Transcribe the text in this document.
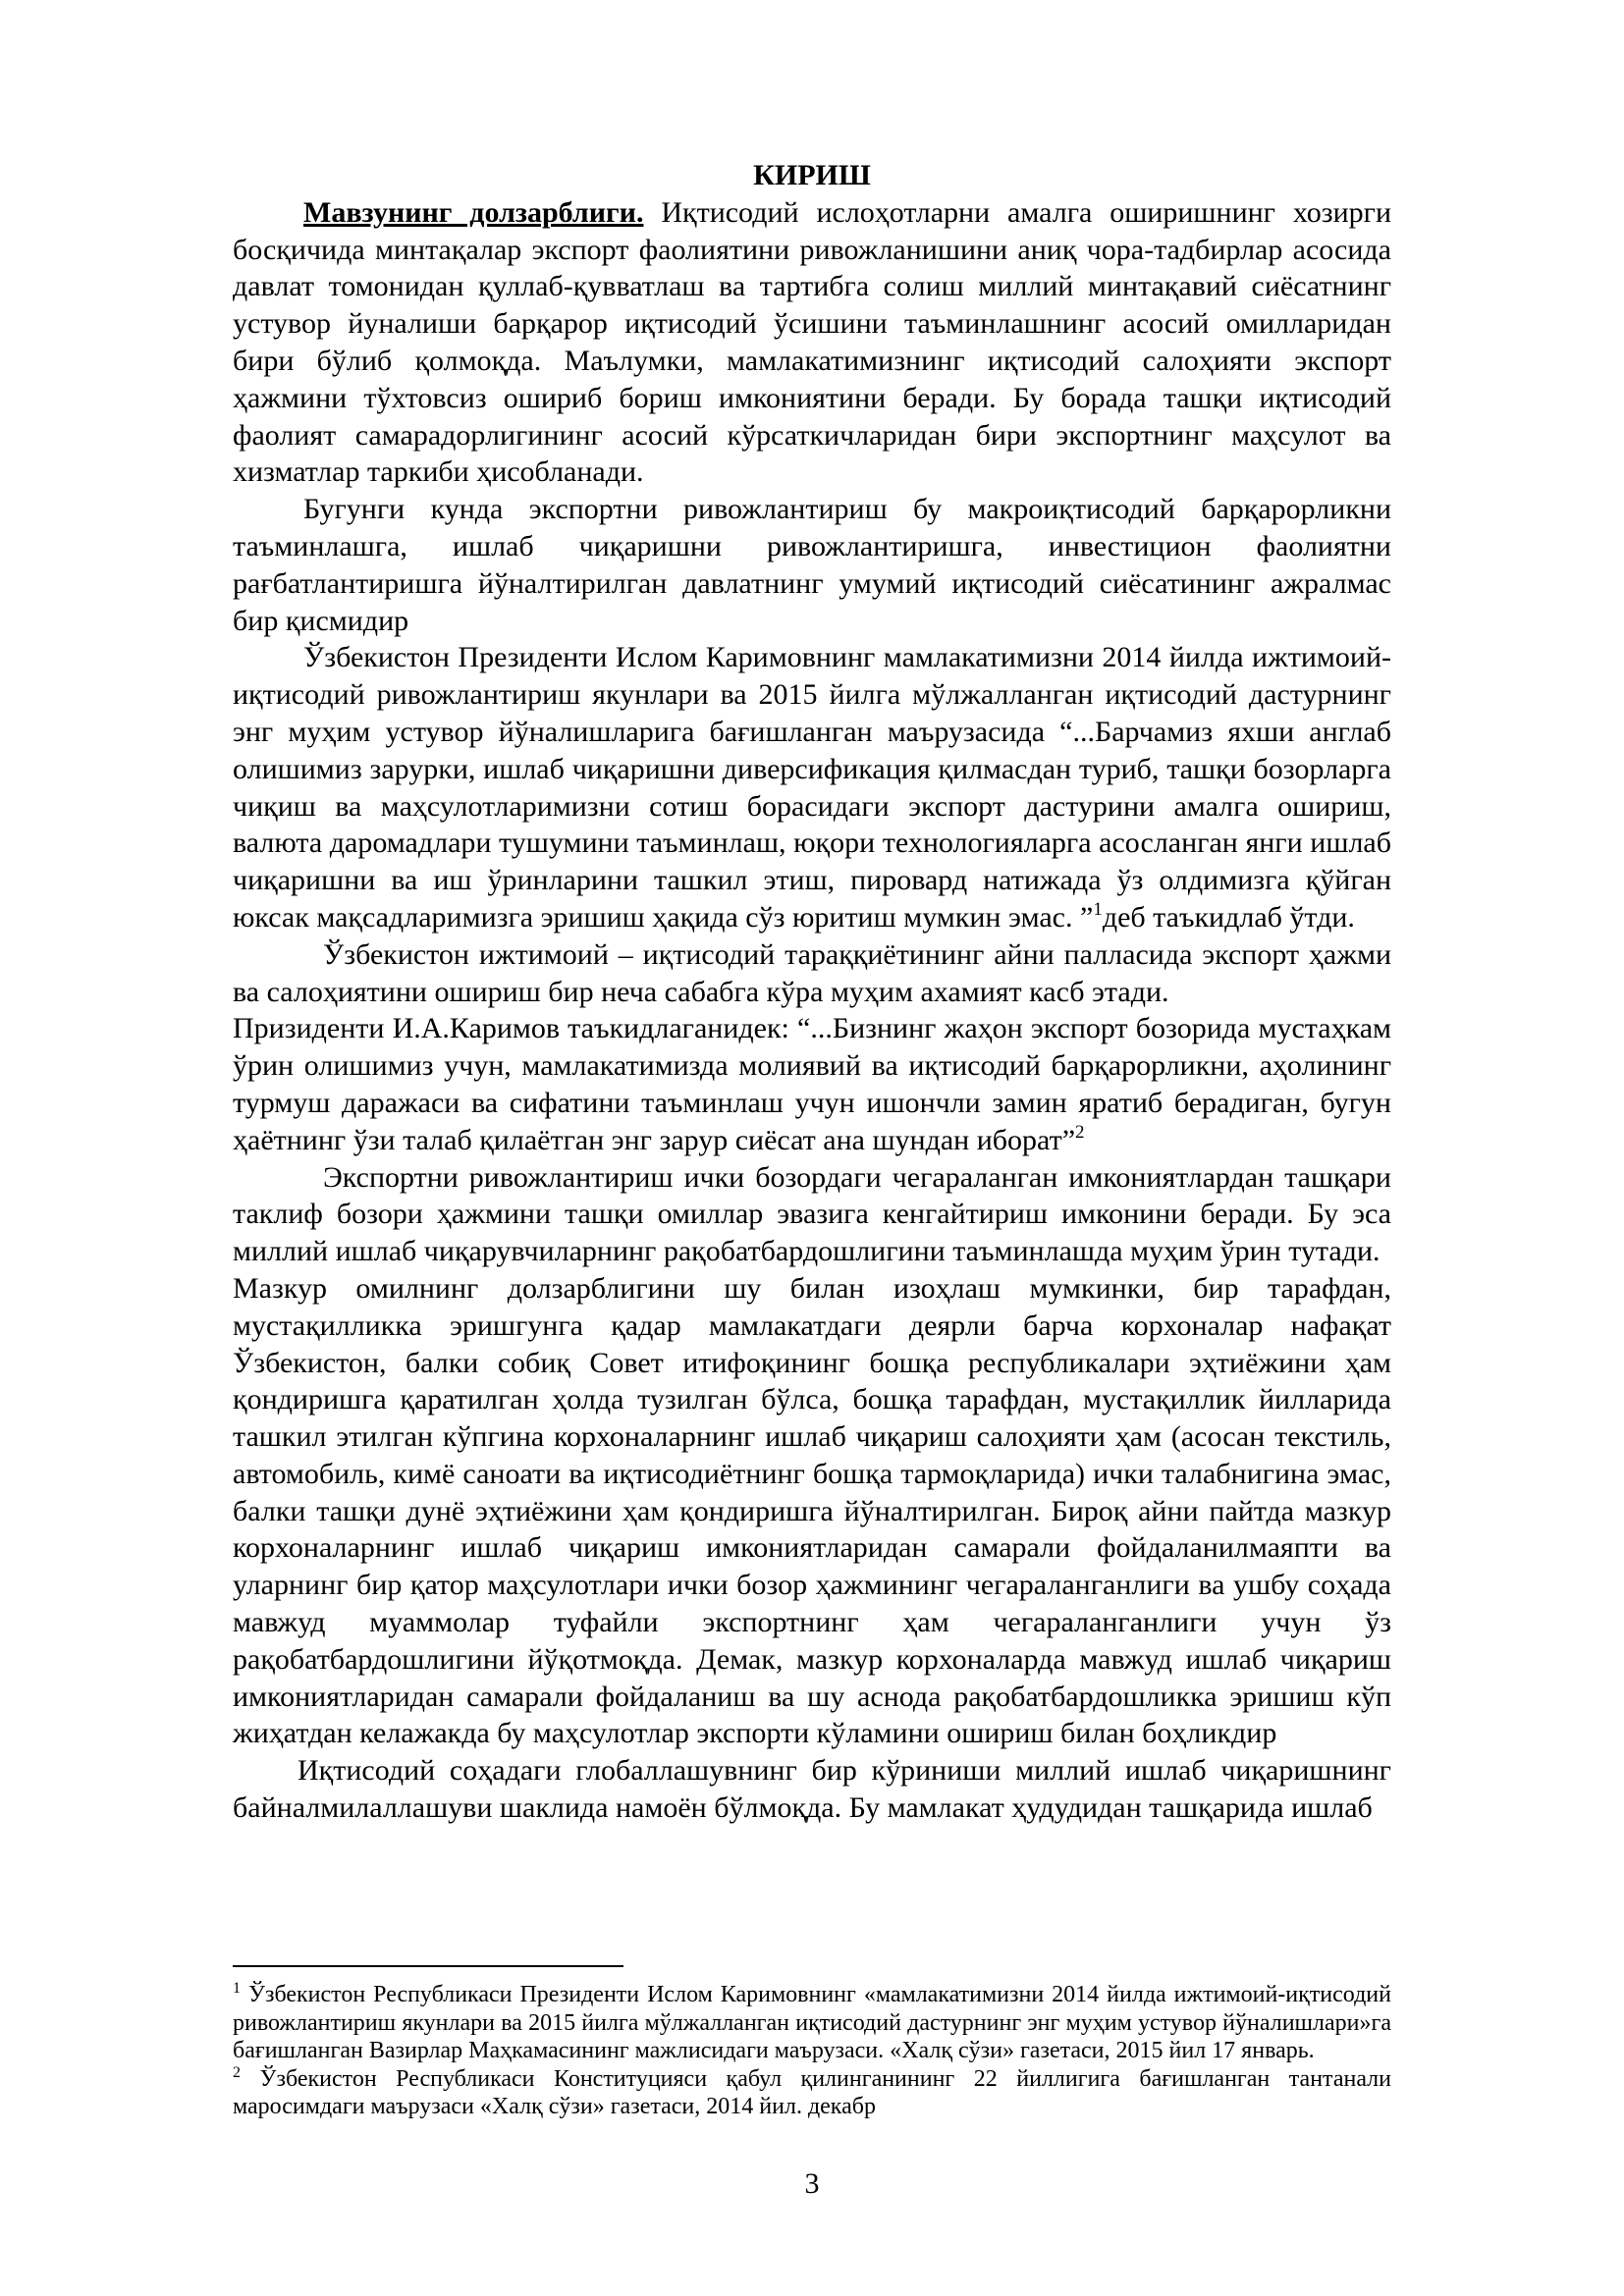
КИРИШ

Мавзунинг долзарблиги. Иқтисодий ислоҳотларни амалга оширишнинг хозирги босқичида минтақалар экспорт фаолиятини ривожланишини аниқ чора-тадбирлар асосида давлат томонидан қуллаб-қувватлаш ва тартибга солиш миллий минтақавий сиёсатнинг устувор йуналиши барқарор иқтисодий ўсишини таъминлашнинг асосий омилларидан бири бўлиб қолмоқда. Маълумки, мамлакатимизнинг иқтисодий салоҳияти экспорт ҳажмини тўхтовсиз ошириб бориш имкониятини беради. Бу борада ташқи иқтисодий фаолият самарадорлигининг асосий кўрсаткичларидан бири экспортнинг маҳсулот ва хизматлар таркиби ҳисобланади.

Бугунги кунда экспортни ривожлантириш бу макроиқтисодий барқарорликни таъминлашга, ишлаб чиқаришни ривожлантиришга, инвестицион фаолиятни рағбатлантиришга йўналтирилган давлатнинг умумий иқтисодий сиёсатининг ажралмас бир қисмидир

Ўзбекистон Президенти Ислом Каримовнинг мамлакатимизни 2014 йилда ижтимоий-иқтисодий ривожлантириш якунлари ва 2015 йилга мўлжалланган иқтисодий дастурнинг энг муҳим устувор йўналишларига бағишланган маърузасида “...Барчамиз яхши англаб олишимиз зарурки, ишлаб чиқаришни диверсификация қилмасдан туриб, ташқи бозорларга чиқиш ва маҳсулотларимизни сотиш борасидаги экспорт дастурини амалга ошириш, валюта даромадлари тушумини таъминлаш, юқори технологияларга асосланган янги ишлаб чиқаришни ва иш ўринларини ташкил этиш, пировард натижада ўз олдимизга қўйган юксак мақсадларимизга эришиш ҳақида сўз юритиш мумкин эмас. ”$^1$деб таъкидлаб ўтди.

Ўзбекистон ижтимоий – иқтисодий тараққиётининг айни палласида экспорт ҳажми ва салоҳиятини ошириш бир неча сабабга кўра муҳим ахамият касб этади.

Призиденти И.А.Каримов таъкидлаганидек: “...Бизнинг жаҳон экспорт бозорида мустаҳкам ўрин олишимиз учун, мамлакатимизда молиявий ва иқтисодий барқарорликни, аҳолининг турмуш даражаси ва сифатини таъминлаш учун ишончли замин яратиб берадиган, бугун ҳаётнинг ўзи талаб қилаётган энг зарур сиёсат ана шундан иборат”$^2$

Экспортни ривожлантириш ички бозордаги чегараланган имкониятлардан ташқари таклиф бозори ҳажмини ташқи омиллар эвазига кенгайтириш имконини беради. Бу эса миллий ишлаб чиқарувчиларнинг рақобатбардошлигини таъминлашда муҳим ўрин тутади.

Мазкур омилнинг долзарблигини шу билан изоҳлаш мумкинки, бир тарафдан, мустақилликка эришгунга қадар мамлакатдаги деярли барча корхоналар нафақат Ўзбекистон, балки собиқ Совет итифоқининг бошқа республикалари эҳтиёжини ҳам қондиришга қаратилган ҳолда тузилган бўлса, бошқа тарафдан, мустақиллик йилларида ташкил этилган кўпгина корхоналарнинг ишлаб чиқариш салоҳияти ҳам (асосан текстиль, автомобиль, кимё саноати ва иқтисодиётнинг бошқа тармоқларида) ички талабнигина эмас, балки ташқи дунё эҳтиёжини ҳам қондиришга йўналтирилган. Бироқ айни пайтда мазкур корхоналарнинг ишлаб чиқариш имкониятларидан самарали фойдаланилмаяпти ва уларнинг бир қатор маҳсулотлари ички бозор ҳажмининг чегараланганлиги ва ушбу соҳада мавжуд муаммолар туфайли экспортнинг ҳам чегараланганлиги учун ўз рақобатбардошлигини йўқотмоқда. Демак, мазкур корхоналарда мавжуд ишлаб чиқариш имкониятларидан самарали фойдаланиш ва шу аснода рақобатбардошликка эришиш кўп жиҳатдан келажакда бу маҳсулотлар экспорти кўламини ошириш билан боҳликдир

Иқтисодий соҳадаги глобаллашувнинг бир кўриниши миллий ишлаб чиқаришнинг байналмилаллашуви шаклида намоён бўлмоқда. Бу мамлакат ҳудудидан ташқарида ишлаб

$^1$ Ўзбекистон Республикаси Президенти Ислом Каримовнинг «мамлакатимизни 2014 йилда ижтимоий-иқтисодий ривожлантириш якунлари ва 2015 йилга мўлжалланган иқтисодий дастурнинг энг муҳим устувор йўналишлари»га бағишланган Вазирлар Маҳкамасининг мажлисидаги маърузаси. «Халқ сўзи» газетаси, 2015 йил 17 январь.

$^2$ Ўзбекистон Республикаси Конституцияси қабул қилинганининг 22 йиллигига бағишланган тантанали маросимдаги маърузаси «Халқ сўзи» газетаси, 2014 йил. декабр

3
